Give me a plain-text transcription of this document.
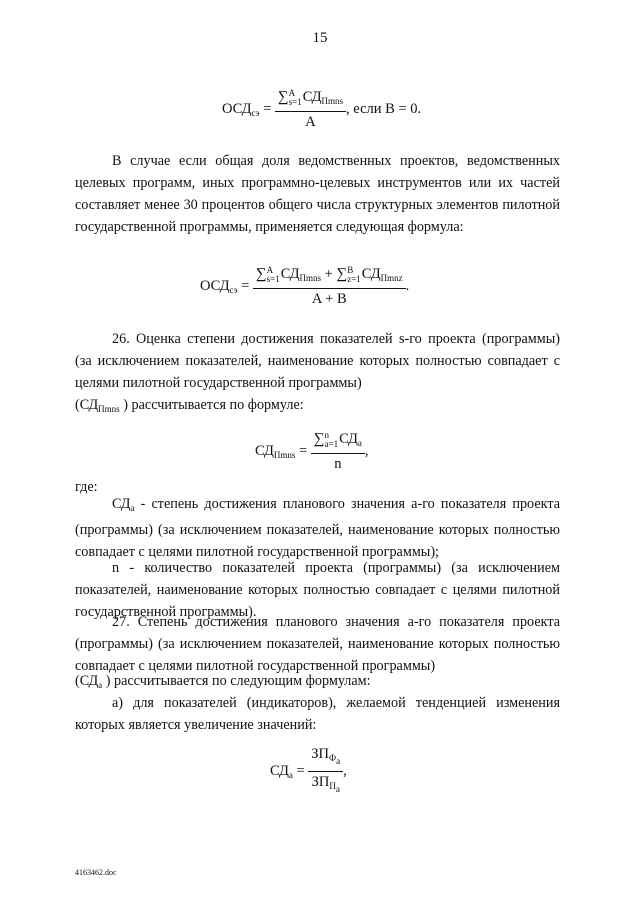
15
$ОСД_{сэ}$ = ∑ A
s=1 $СД_{Пmns}$
A , если B = 0.
В случае если общая доля ведомственных проектов, ведомственных целевых программ, иных программно-целевых инструментов или их частей составляет менее 30 процентов общего числа структурных элементов пилотной государственной программы, применяется следующая формула:
$ОСД_{сэ}$ = ∑ A
s=1 $СД_{Пmns}$ + ∑ B
z=1 $СД_{Пmnz}$
A + B .
26. Оценка степени достижения показателей s-го проекта (программы) (за исключением показателей, наименование которых полностью совпадает с целями пилотной государственной программы)
($СД_{Пmns}$ ) рассчитывается по формуле:
$СД_{Пmns}$ = ∑ n
a=1 $СД_a$
n ,
где:
$СД_a$ - степень достижения планового значения a-го показателя проекта (программы) (за исключением показателей, наименование которых полностью совпадает с целями пилотной государственной программы);
n - количество показателей проекта (программы) (за исключением показателей, наименование которых полностью совпадает с целями пилотной государственной программы).
27. Степень достижения планового значения a-го показателя проекта (программы) (за исключением показателей, наименование которых полностью совпадает с целями пилотной государственной программы)
($СД_a$ ) рассчитывается по следующим формулам:
а) для показателей (индикаторов), желаемой тенденцией изменения которых является увеличение значений:
$СД_a = \frac{ЗП_{Ф_a}}{ЗП_{П_a}}$ ,
4163462.doc
